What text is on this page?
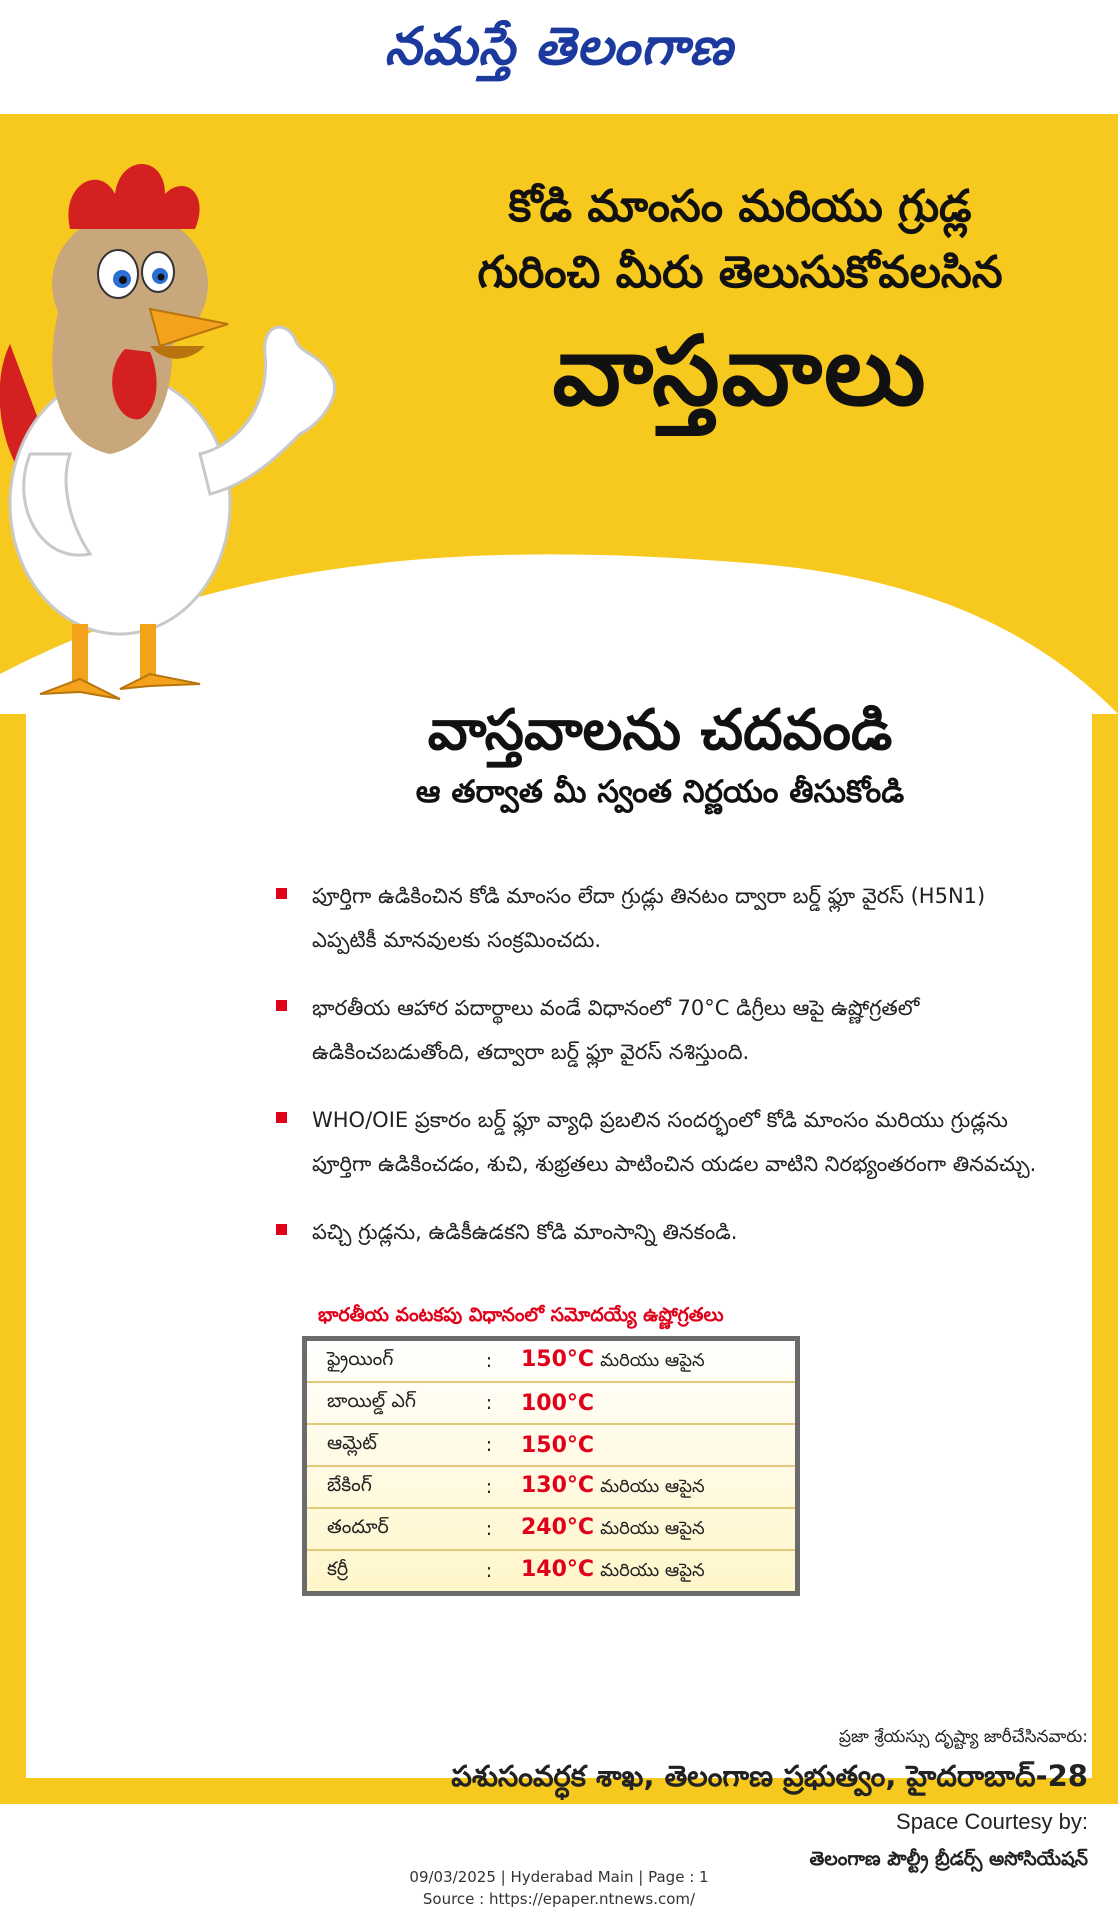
నమస్తే తెలంగాణ
కోడి మాంసం మరియు గ్రుడ్ల
గురించి మీరు తెలుసుకోవలసిన
వాస్తవాలు
వాస్తవాలను చదవండి
ఆ తర్వాత మీ స్వంత నిర్ణయం తీసుకోండి
పూర్తిగా ఉడికించిన కోడి మాంసం లేదా గ్రుడ్లు తినటం ద్వారా బర్డ్ ఫ్లూ వైరస్ (H5N1) ఎప్పటికీ మానవులకు సంక్రమించదు.
భారతీయ ఆహార పదార్థాలు వండే విధానంలో 70°C డిగ్రీలు ఆపై ఉష్ణోగ్రతలో ఉడికించబడుతోంది, తద్వారా బర్డ్ ఫ్లూ వైరస్ నశిస్తుంది.
WHO/OIE ప్రకారం బర్డ్ ఫ్లూ వ్యాధి ప్రబలిన సందర్భంలో కోడి మాంసం మరియు గ్రుడ్లను పూర్తిగా ఉడికించడం, శుచి, శుభ్రతలు పాటించిన యడల వాటిని నిరభ్యంతరంగా తినవచ్చు.
పచ్చి గ్రుడ్లను, ఉడికీఉడకని కోడి మాంసాన్ని తినకండి.
భారతీయ వంటకపు విధానంలో సమోదయ్యే ఉష్ణోగ్రతలు
ఫ్రైయింగ్	:	150°C మరియు ఆపైన
బాయిల్డ్ ఎగ్	:	100°C
ఆమ్లెట్	:	150°C
బేకింగ్	:	130°C మరియు ఆపైన
తందూర్	:	240°C మరియు ఆపైన
కర్రీ	:	140°C మరియు ఆపైన
ప్రజా శ్రేయస్సు దృష్ట్యా జారీచేసినవారు:
పశుసంవర్ధక శాఖ, తెలంగాణ ప్రభుత్వం, హైదరాబాద్-28
Space Courtesy by:
తెలంగాణ పౌల్ట్రీ బ్రీడర్స్ అసోసియేషన్
09/03/2025 | Hyderabad Main | Page : 1
Source : https://epaper.ntnews.com/
